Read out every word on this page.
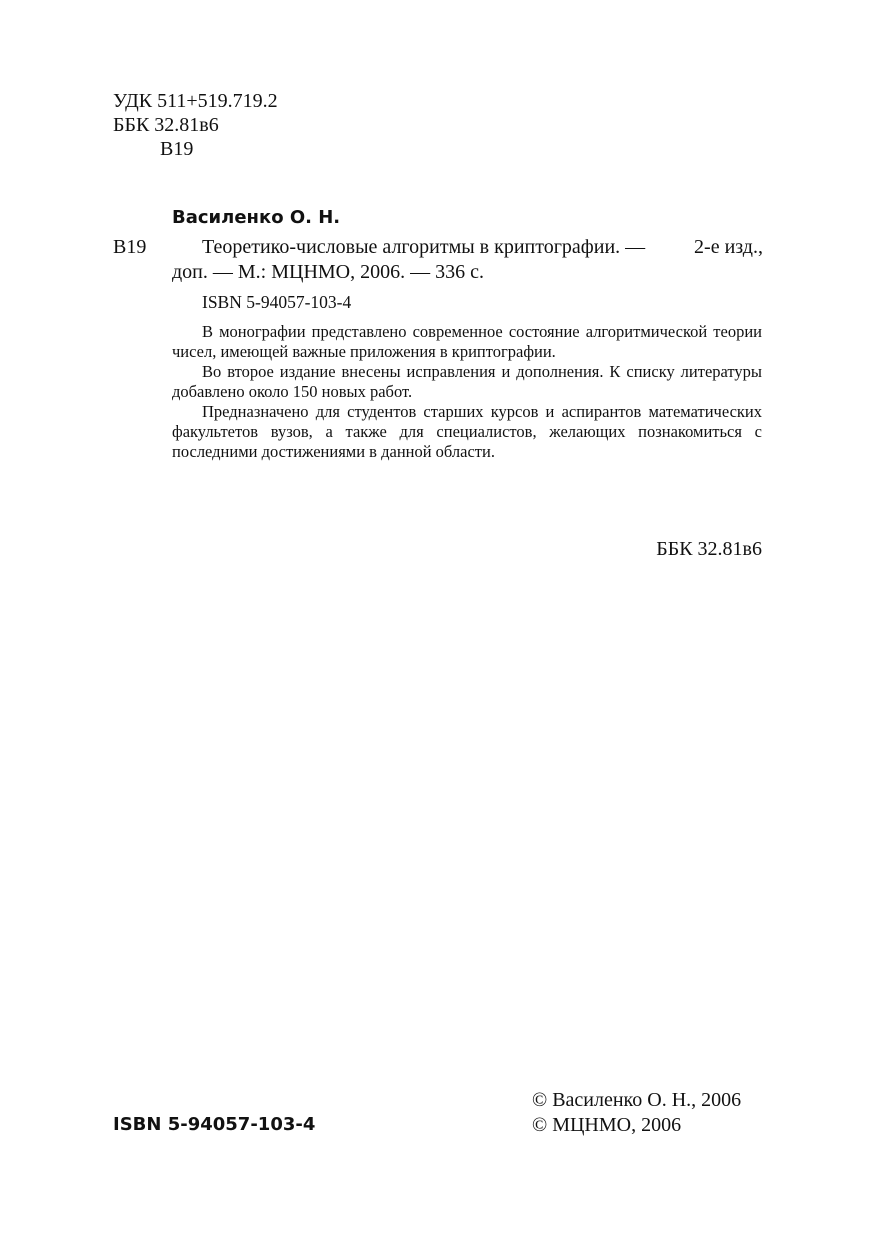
УДК 511+519.719.2
ББК 32.81в6
В19
Василенко О. Н.
В19	Теоретико-числовые алгоритмы в криптографии. — 2-е изд.,
доп. — М.: МЦНМО, 2006. — 336 с.
ISBN 5-94057-103-4

В монографии представлено современное состояние алгоритмической теории чисел, имеющей важные приложения в криптографии.

Во второе издание внесены исправления и дополнения. К списку литературы добавлено около 150 новых работ.

Предназначено для студентов старших курсов и аспирантов математических факультетов вузов, а также для специалистов, желающих познакомиться с последними достижениями в данной области.

ББК 32.81в6
ISBN 5-94057-103-4
© Василенко О. Н., 2006
© МЦНМО, 2006
